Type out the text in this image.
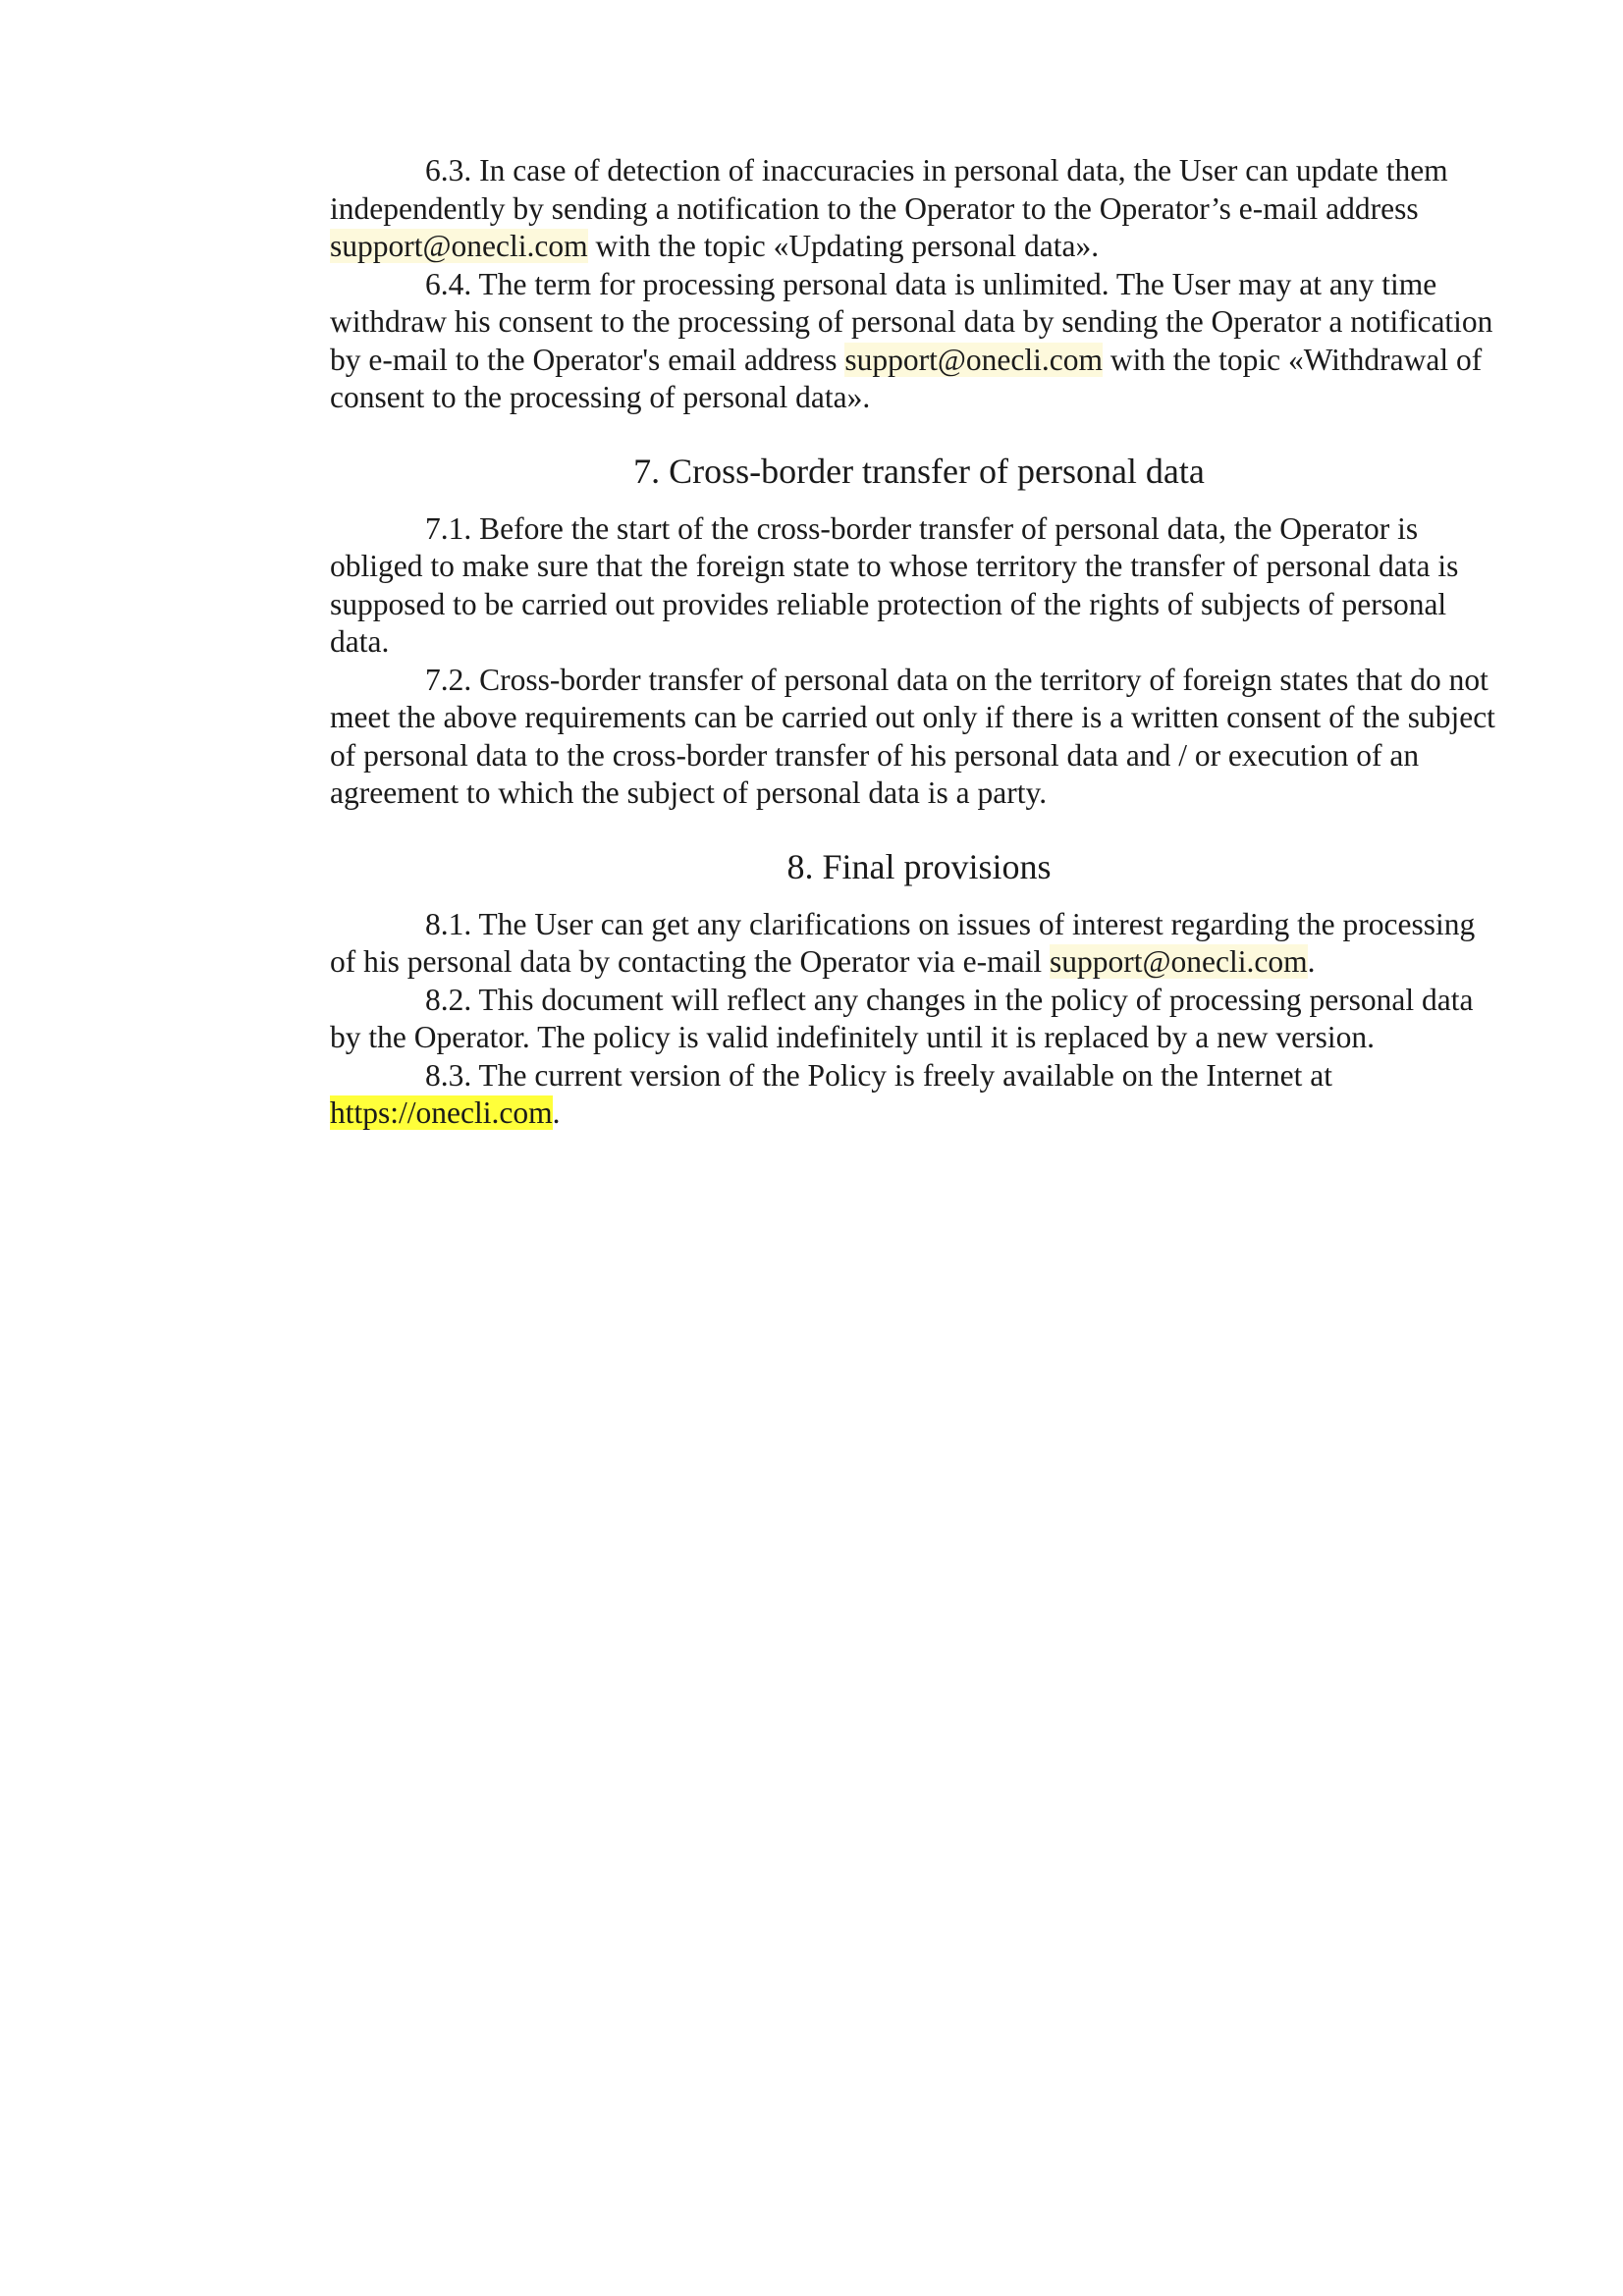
6.3. In case of detection of inaccuracies in personal data, the User can update them independently by sending a notification to the Operator to the Operator’s e-mail address support@onecli.com with the topic «Updating personal data».

6.4. The term for processing personal data is unlimited. The User may at any time withdraw his consent to the processing of personal data by sending the Operator a notification by e-mail to the Operator's email address support@onecli.com with the topic «Withdrawal of consent to the processing of personal data».

7. Cross-border transfer of personal data

7.1. Before the start of the cross-border transfer of personal data, the Operator is obliged to make sure that the foreign state to whose territory the transfer of personal data is supposed to be carried out provides reliable protection of the rights of subjects of personal data.

7.2. Cross-border transfer of personal data on the territory of foreign states that do not meet the above requirements can be carried out only if there is a written consent of the subject of personal data to the cross-border transfer of his personal data and / or execution of an agreement to which the subject of personal data is a party.

8. Final provisions

8.1. The User can get any clarifications on issues of interest regarding the processing of his personal data by contacting the Operator via e-mail support@onecli.com.

8.2. This document will reflect any changes in the policy of processing personal data by the Operator. The policy is valid indefinitely until it is replaced by a new version.

8.3. The current version of the Policy is freely available on the Internet at https://onecli.com.
